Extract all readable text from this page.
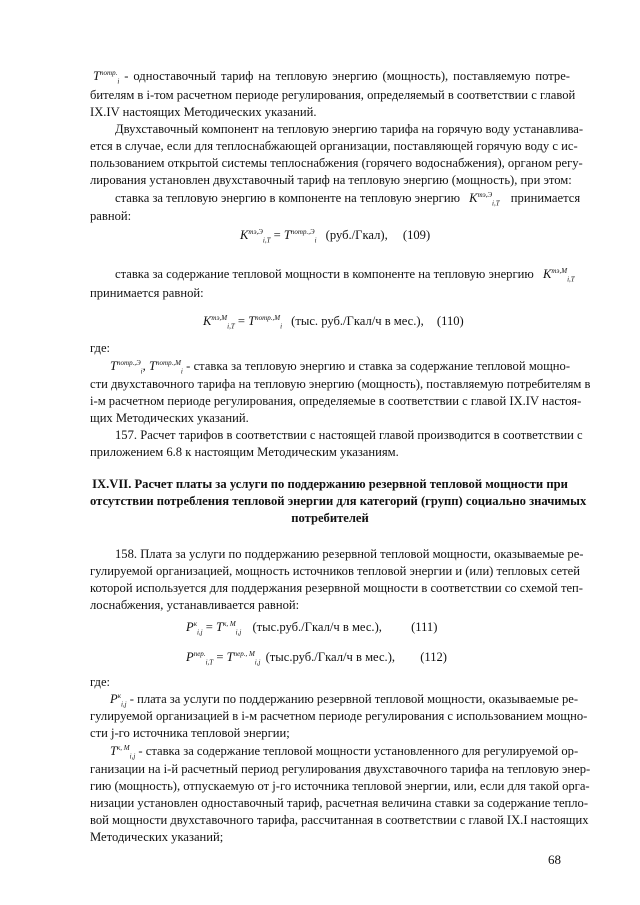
$T^{потр.}_i$ - одноставочный тариф на тепловую энергию (мощность), поставляемую потре-
бителям в i-том расчетном периоде регулирования, определяемый в соответствии с главой
IX.IV настоящих Методических указаний.
Двухставочный компонент на тепловую энергию тарифа на горячую воду устанавлива-
ется в случае, если для теплоснабжающей организации, поставляющей горячую воду с ис-
пользованием открытой системы теплоснабжения (горячего водоснабжения), органом регу-
лирования установлен двухставочный тариф на тепловую энергию (мощность), при этом:
ставка за тепловую энергию в компоненте на тепловую энергию $K^{тэ,Э}_{i,T}$ принимается
равной:
$K^{тэ,Э}_{i,T} = T^{потр.,Э}_i$ (руб./Гкал), (109)
ставка за содержание тепловой мощности в компоненте на тепловую энергию $K^{тэ,М}_{i,T}$
принимается равной:
$K^{тэ,М}_{i,T} = T^{потр.,М}_i$ (тыс. руб./Гкал/ч в мес.), (110)
где:
$T^{потр.,Э}_i$, $T^{потр.,М}_i$ - ставка за тепловую энергию и ставка за содержание тепловой мощно-
сти двухставочного тарифа на тепловую энергию (мощность), поставляемую потребителям в
i-м расчетном периоде регулирования, определяемые в соответствии с главой IX.IV настоя-
щих Методических указаний.
157. Расчет тарифов в соответствии с настоящей главой производится в соответствии с
приложением 6.8 к настоящим Методическим указаниям.
IX.VII. Расчет платы за услуги по поддержанию резервной тепловой мощности при
отсутствии потребления тепловой энергии для категорий (групп) социально значимых
потребителей
158. Плата за услуги по поддержанию резервной тепловой мощности, оказываемые ре-
гулируемой организацией, мощность источников тепловой энергии и (или) тепловых сетей
которой используется для поддержания резервной мощности в соответствии со схемой теп-
лоснабжения, устанавливается равной:
$P^к_{i,j} = T^{к, М}_{i,j}$ (тыс.руб./Гкал/ч в мес.), (111)
$P^{пер.}_{i,T} = T^{пер., М}_{i,j}$ (тыс.руб./Гкал/ч в мес.), (112)
где:
$P^к_{i,j}$ - плата за услуги по поддержанию резервной тепловой мощности, оказываемые ре-
гулируемой организацией в i-м расчетном периоде регулирования с использованием мощно-
сти j-го источника тепловой энергии;
$T^{к, М}_{i,j}$ - ставка за содержание тепловой мощности установленного для регулируемой ор-
ганизации на i-й расчетный период регулирования двухставочного тарифа на тепловую энер-
гию (мощность), отпускаемую от j-го источника тепловой энергии, или, если для такой орга-
низации установлен одноставочный тариф, расчетная величина ставки за содержание тепло-
вой мощности двухставочного тарифа, рассчитанная в соответствии с главой IX.I настоящих
Методических указаний;
68
